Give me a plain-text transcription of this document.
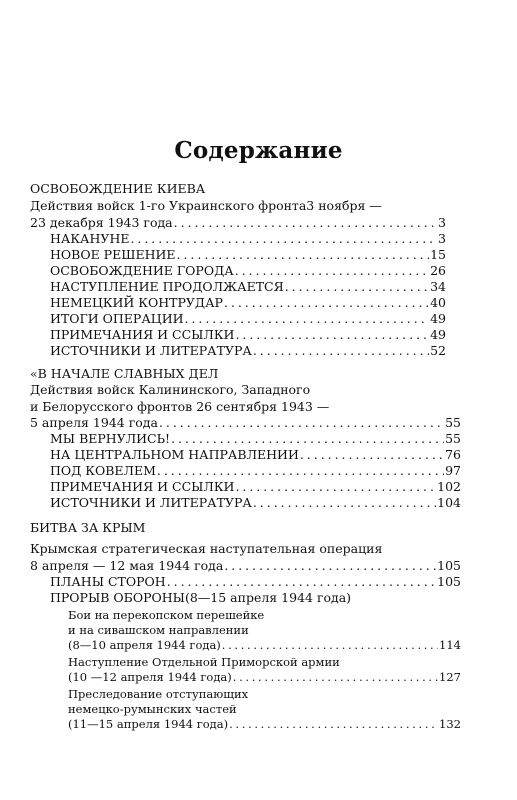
Содержание
ОСВОБОЖДЕНИЕ КИЕВА
Действия войск 1-го Украинского фронта3 ноября —
23 декабря 1943 года . . .	3
НАКАНУНЕ . . .	3
НОВОЕ РЕШЕНИЕ . . .	15
ОСВОБОЖДЕНИЕ ГОРОДА . . .	26
НАСТУПЛЕНИЕ ПРОДОЛЖАЕТСЯ . . .	34
НЕМЕЦКИЙ КОНТРУДАР . . .	40
ИТОГИ ОПЕРАЦИИ . . .	49
ПРИМЕЧАНИЯ И ССЫЛКИ . . .	49
ИСТОЧНИКИ И ЛИТЕРАТУРА . . .	52
«В НАЧАЛЕ СЛАВНЫХ ДЕЛ
Действия войск Калининского, Западного
и Белорусского фронтов 26 сентября 1943 —
5 апреля 1944 года . . .	55
МЫ ВЕРНУЛИСЬ! . . .	55
НА ЦЕНТРАЛЬНОМ НАПРАВЛЕНИИ . . .	76
ПОД КОВЕЛЕМ . . .	97
ПРИМЕЧАНИЯ И ССЫЛКИ . . .	102
ИСТОЧНИКИ И ЛИТЕРАТУРА . . .	104
БИТВА ЗА КРЫМ
Крымская стратегическая наступательная операция
8 апреля — 12 мая 1944 года . . .	105
ПЛАНЫ СТОРОН . . .	105
ПРОРЫВ ОБОРОНЫ(8—15 апреля 1944 года)
Бои на перекопском перешейке
и на сивашском направлении
(8—10 апреля 1944 года) . . .	114
Наступление Отдельной Приморской армии
(10 —12 апреля 1944 года) . . .	127
Преследование отступающих
немецко-румынских частей
(11—15 апреля 1944 года) . . .	132
